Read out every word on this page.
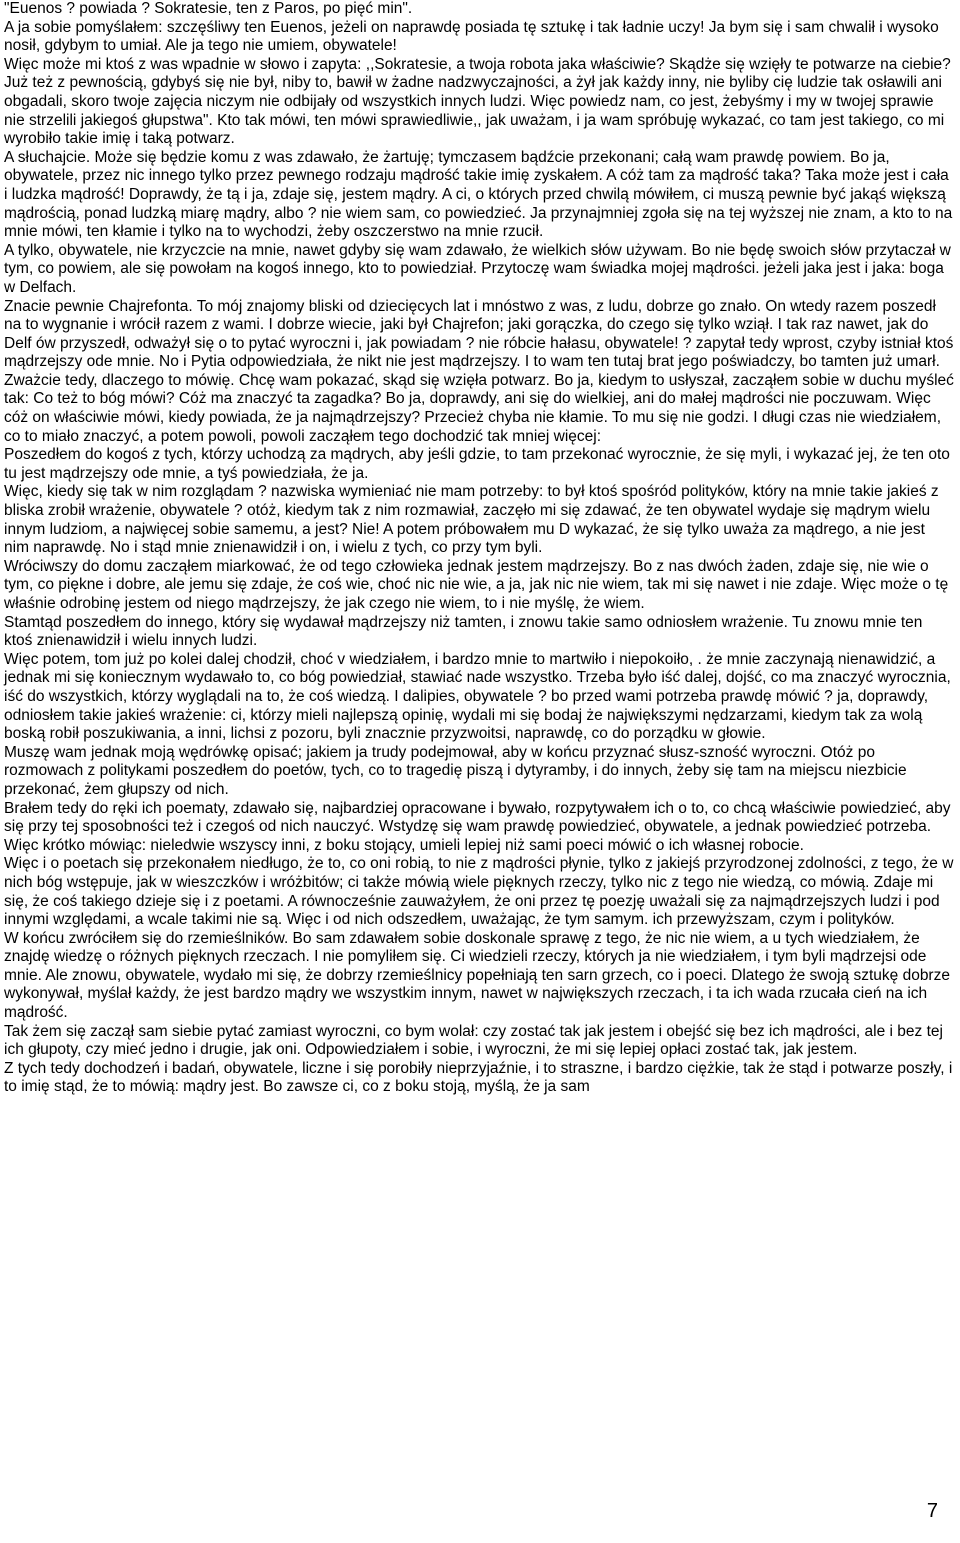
"Euenos ? powiada ? Sokratesie, ten z Paros, po pięć min".

A ja sobie pomyślałem: szczęśliwy ten Euenos, jeżeli on naprawdę posiada tę sztukę i tak ładnie uczy! Ja bym się i sam chwalił i wysoko nosił, gdybym to umiał. Ale ja tego nie umiem, obywatele!

Więc może mi ktoś z was wpadnie w słowo i zapyta: ,,Sokratesie, a twoja robota jaka właściwie? Skądże się wzięły te potwarze na ciebie? Już też z pewnością, gdybyś się nie był, niby to, bawił w żadne nadzwyczajności, a żył jak każdy inny, nie byliby cię ludzie tak osławili ani obgadali, skoro twoje zajęcia niczym nie odbijały od wszystkich innych ludzi. Więc powiedz nam, co jest, żebyśmy i my w twojej sprawie nie strzelili jakiegoś głupstwa". Kto tak mówi, ten mówi sprawiedliwie,, jak uważam, i ja wam spróbuję wykazać, co tam jest takiego, co mi wyrobiło takie imię i taką potwarz.

A słuchajcie. Może się będzie komu z was zdawało, że żartuję; tymczasem bądźcie przekonani; całą wam prawdę powiem. Bo ja, obywatele, przez nic innego tylko przez pewnego rodzaju mądrość takie imię zyskałem. A cóż tam za mądrość taka? Taka może jest i cała i ludzka mądrość! Doprawdy, że tą i ja, zdaje się, jestem mądry. A ci, o których przed chwilą mówiłem, ci muszą pewnie być jakąś większą mądrością, ponad ludzką miarę mądry, albo ? nie wiem sam, co powiedzieć. Ja przynajmniej zgoła się na tej wyższej nie znam, a kto to na mnie mówi, ten kłamie i tylko na to wychodzi, żeby oszczerstwo na mnie rzucił.

A tylko, obywatele, nie krzyczcie na mnie, nawet gdyby się wam zdawało, że wielkich słów używam. Bo nie będę swoich słów przytaczał w tym, co powiem, ale się powołam na kogoś innego, kto to powiedział. Przytoczę wam świadka mojej mądrości. jeżeli jaka jest i jaka: boga w Delfach.

Znacie pewnie Chajrefonta. To mój znajomy bliski od dziecięcych lat i mnóstwo z was, z ludu, dobrze go znało. On wtedy razem poszedł na to wygnanie i wrócił razem z wami. I dobrze wiecie, jaki był Chajrefon; jaki gorączka, do czego się tylko wziął. I tak raz nawet, jak do Delf ów przyszedł, odważył się o to pytać wyroczni i, jak powiadam ? nie róbcie hałasu, obywatele! ? zapytał tedy wprost, czyby istniał ktoś mądrzejszy ode mnie. No i Pytia odpowiedziała, że nikt nie jest mądrzejszy. I to wam ten tutaj brat jego poświadczy, bo tamten już umarł.

Zważcie tedy, dlaczego to mówię. Chcę wam pokazać, skąd się wzięła potwarz. Bo ja, kiedym to usłyszał, zacząłem sobie w duchu myśleć tak: Co też to bóg mówi? Cóż ma znaczyć ta zagadka? Bo ja, doprawdy, ani się do wielkiej, ani do małej mądrości nie poczuwam. Więc cóż on właściwie mówi, kiedy powiada, że ja najmądrzejszy? Przecież chyba nie kłamie. To mu się nie godzi. I długi czas nie wiedziałem, co to miało znaczyć, a potem powoli, powoli zacząłem tego dochodzić tak mniej więcej:

Poszedłem do kogoś z tych, którzy uchodzą za mądrych, aby jeśli gdzie, to tam przekonać wyrocznie, że się myli, i wykazać jej, że ten oto tu jest mądrzejszy ode mnie, a tyś powiedziała, że ja.

Więc, kiedy się tak w nim rozglądam ? nazwiska wymieniać nie mam potrzeby: to był ktoś spośród polityków, który na mnie takie jakieś z bliska zrobił wrażenie, obywatele ? otóż, kiedym tak z nim rozmawiał, zaczęło mi się zdawać, że ten obywatel wydaje się mądrym wielu innym ludziom, a najwięcej sobie samemu, a jest? Nie! A potem próbowałem mu D wykazać, że się tylko uważa za mądrego, a nie jest nim naprawdę. No i stąd mnie znienawidził i on, i wielu z tych, co przy tym byli.

Wróciwszy do domu zacząłem miarkować, że od tego człowieka jednak jestem mądrzejszy. Bo z nas dwóch żaden, zdaje się, nie wie o tym, co piękne i dobre, ale jemu się zdaje, że coś wie, choć nic nie wie, a ja, jak nic nie wiem, tak mi się nawet i nie zdaje. Więc może o tę właśnie odrobinę jestem od niego mądrzejszy, że jak czego nie wiem, to i nie myślę, że wiem.

Stamtąd poszedłem do innego, który się wydawał mądrzejszy niż tamten, i znowu takie samo odniosłem wrażenie. Tu znowu mnie ten ktoś znienawidził i wielu innych ludzi.

Więc potem, tom już po kolei dalej chodził, choć v wiedziałem, i bardzo mnie to martwiło i niepokoiło, . że mnie zaczynają nienawidzić, a jednak mi się koniecznym wydawało to, co bóg powiedział, stawiać nade wszystko. Trzeba było iść dalej, dojść, co ma znaczyć wyrocznia, iść do wszystkich, którzy wyglądali na to, że coś wiedzą. I dalipies, obywatele ? bo przed wami potrzeba prawdę mówić ? ja, doprawdy, odniosłem takie jakieś wrażenie: ci, którzy mieli najlepszą opinię, wydali mi się bodaj że największymi nędzarzami, kiedym tak za wolą boską robił poszukiwania, a inni, lichsi z pozoru, byli znacznie przyzwoitsi, naprawdę, co do porządku w głowie.

Muszę wam jednak moją wędrówkę opisać; jakiem ja trudy podejmował, aby w końcu przyznać słusz-szność wyroczni. Otóż po rozmowach z politykami poszedłem do poetów, tych, co to tragedię piszą i dytyramby, i do innych, żeby się tam na miejscu niezbicie przekonać, żem głupszy od nich.

Brałem tedy do ręki ich poematy, zdawało się, najbardziej opracowane i bywało, rozpytywałem ich o to, co chcą właściwie powiedzieć, aby się przy tej sposobności też i czegoś od nich nauczyć. Wstydzę się wam prawdę powiedzieć, obywatele, a jednak powiedzieć potrzeba. Więc krótko mówiąc: nieledwie wszyscy inni, z boku stojący, umieli lepiej niż sami poeci mówić o ich własnej robocie.

Więc i o poetach się przekonałem niedługo, że to, co oni robią, to nie z mądrości płynie, tylko z jakiejś przyrodzonej zdolności, z tego, że w nich bóg wstępuje, jak w wieszczków i wróżbitów; ci także mówią wiele pięknych rzeczy, tylko nic z tego nie wiedzą, co mówią. Zdaje mi się, że coś takiego dzieje się i z poetami. A równocześnie zauważyłem, że oni przez tę poezję uważali się za najmądrzejszych ludzi i pod innymi względami, a wcale takimi nie są. Więc i od nich odszedłem, uważając, że tym samym. ich przewyższam, czym i polityków.

W końcu zwróciłem się do rzemieślników. Bo sam zdawałem sobie doskonale sprawę z tego, że nic nie wiem, a u tych wiedziałem, że znajdę wiedzę o różnych pięknych rzeczach. I nie pomyliłem się. Ci wiedzieli rzeczy, których ja nie wiedziałem, i tym byli mądrzejsi ode mnie. Ale znowu, obywatele, wydało mi się, że dobrzy rzemieślnicy popełniają ten sarn grzech, co i poeci. Dlatego że swoją sztukę dobrze wykonywał, myślał każdy, że jest bardzo mądry we wszystkim innym, nawet w największych rzeczach, i ta ich wada rzucała cień na ich mądrość.

Tak żem się zaczął sam siebie pytać zamiast wyroczni, co bym wolał: czy zostać tak jak jestem i obejść się bez ich mądrości, ale i bez tej ich głupoty, czy mieć jedno i drugie, jak oni. Odpowiedziałem i sobie, i wyroczni, że mi się lepiej opłaci zostać tak, jak jestem.

Z tych tedy dochodzeń i badań, obywatele, liczne i się porobiły nieprzyjaźnie, i to straszne, i bardzo ciężkie, tak że stąd i potwarze poszły, i to imię stąd, że to mówią: mądry jest. Bo zawsze ci, co z boku stoją, myślą, że ja sam

7
